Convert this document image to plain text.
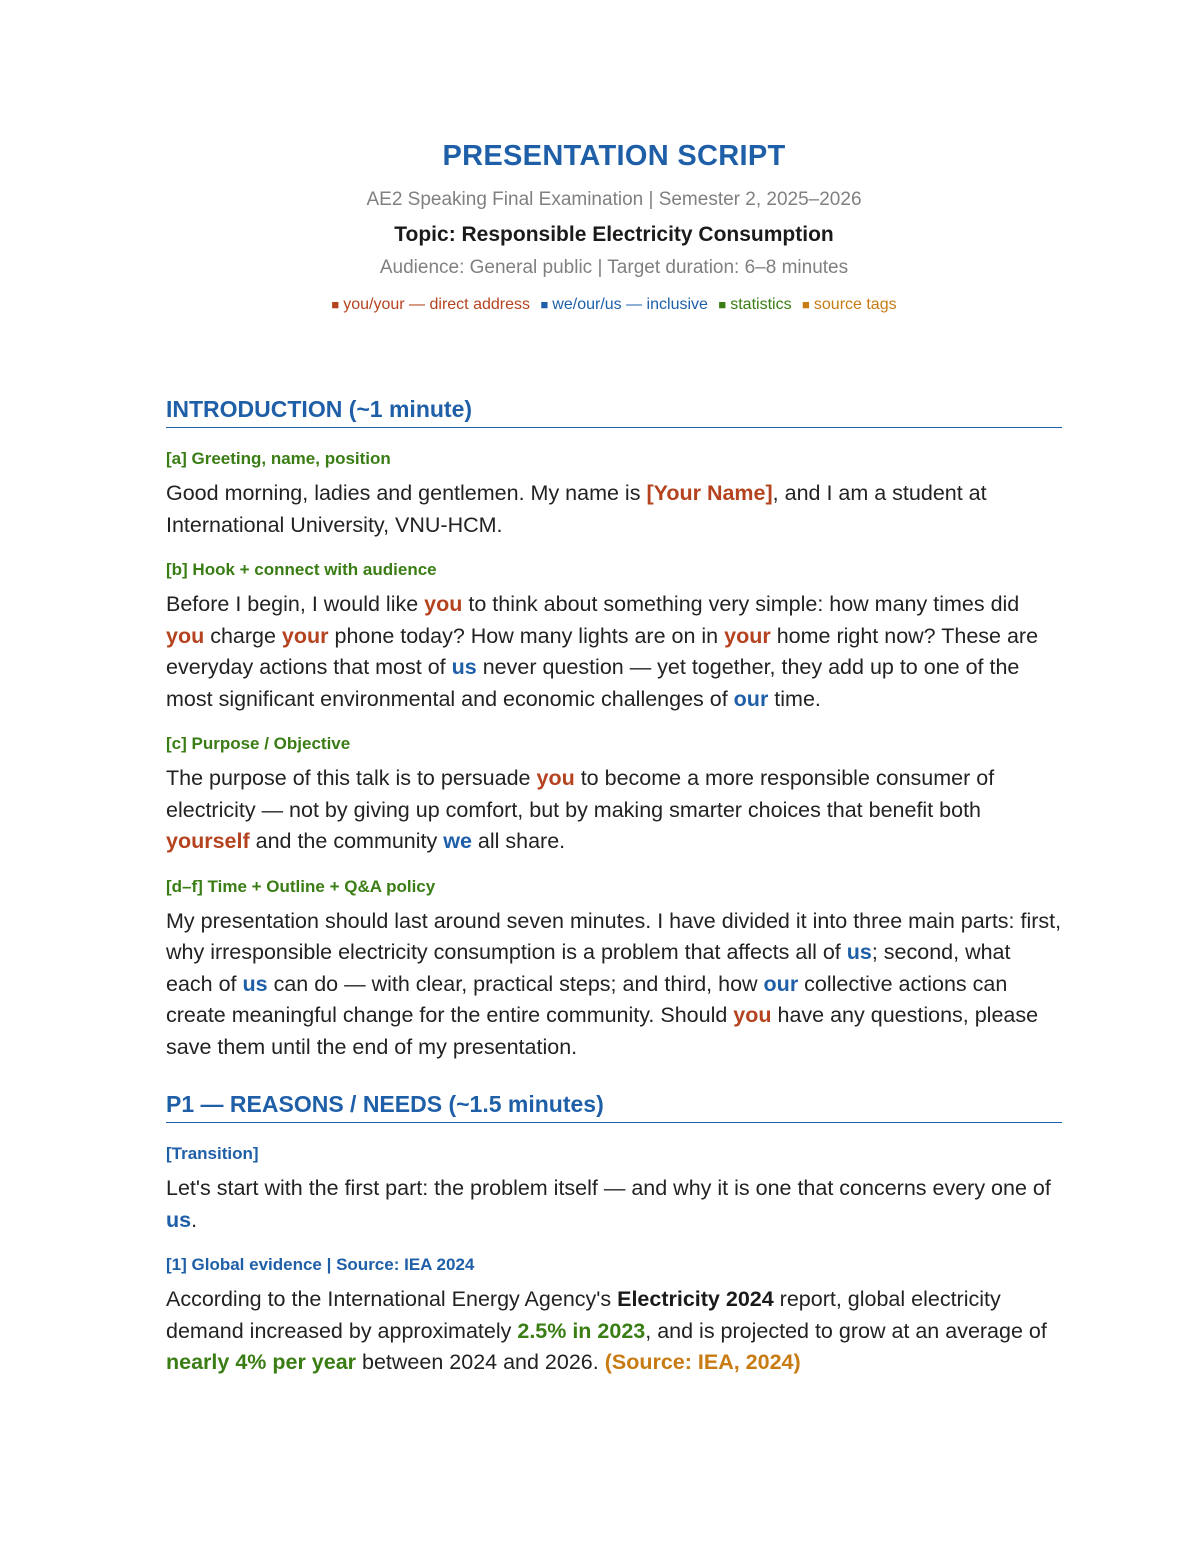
PRESENTATION SCRIPT
AE2 Speaking Final Examination | Semester 2, 2025–2026
Topic: Responsible Electricity Consumption
Audience: General public | Target duration: 6–8 minutes
■ you/your — direct address ■ we/our/us — inclusive ■ statistics ■ source tags
INTRODUCTION (~1 minute)
[a] Greeting, name, position
Good morning, ladies and gentlemen. My name is [Your Name], and I am a student at International University, VNU-HCM.
[b] Hook + connect with audience
Before I begin, I would like you to think about something very simple: how many times did you charge your phone today? How many lights are on in your home right now? These are everyday actions that most of us never question — yet together, they add up to one of the most significant environmental and economic challenges of our time.
[c] Purpose / Objective
The purpose of this talk is to persuade you to become a more responsible consumer of electricity — not by giving up comfort, but by making smarter choices that benefit both yourself and the community we all share.
[d–f] Time + Outline + Q&A policy
My presentation should last around seven minutes. I have divided it into three main parts: first, why irresponsible electricity consumption is a problem that affects all of us; second, what each of us can do — with clear, practical steps; and third, how our collective actions can create meaningful change for the entire community. Should you have any questions, please save them until the end of my presentation.
P1 — REASONS / NEEDS (~1.5 minutes)
[Transition]
Let's start with the first part: the problem itself — and why it is one that concerns every one of us.
[1] Global evidence | Source: IEA 2024
According to the International Energy Agency's Electricity 2024 report, global electricity demand increased by approximately 2.5% in 2023, and is projected to grow at an average of nearly 4% per year between 2024 and 2026. (Source: IEA, 2024)
